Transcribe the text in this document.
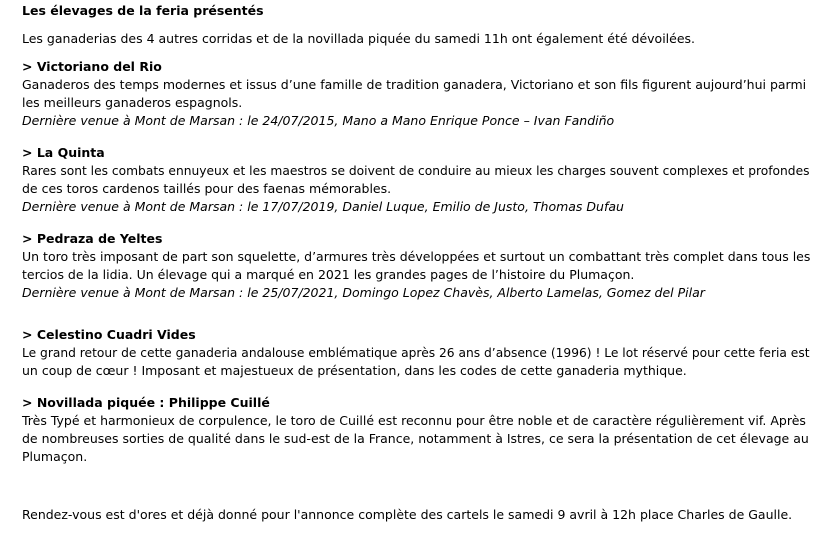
Les élevages de la feria présentés
Les ganaderias des 4 autres corridas et de la novillada piquée du samedi 11h ont également été dévoilées.
> Victoriano del Rio
Ganaderos des temps modernes et issus d’une famille de tradition ganadera, Victoriano et son fils figurent aujourd’hui parmi
les meilleurs ganaderos espagnols.
Dernière venue à Mont de Marsan : le 24/07/2015, Mano a Mano Enrique Ponce – Ivan Fandiño
> La Quinta
Rares sont les combats ennuyeux et les maestros se doivent de conduire au mieux les charges souvent complexes et profondes
de ces toros cardenos taillés pour des faenas mémorables.
Dernière venue à Mont de Marsan : le 17/07/2019, Daniel Luque, Emilio de Justo, Thomas Dufau
> Pedraza de Yeltes
Un toro très imposant de part son squelette, d’armures très développées et surtout un combattant très complet dans tous les
tercios de la lidia. Un élevage qui a marqué en 2021 les grandes pages de l’histoire du Plumaçon.
Dernière venue à Mont de Marsan : le 25/07/2021, Domingo Lopez Chavès, Alberto Lamelas, Gomez del Pilar
> Celestino Cuadri Vides
Le grand retour de cette ganaderia andalouse emblématique après 26 ans d’absence (1996) ! Le lot réservé pour cette feria est
un coup de cœur ! Imposant et majestueux de présentation, dans les codes de cette ganaderia mythique.
> Novillada piquée : Philippe Cuillé
Très Typé et harmonieux de corpulence, le toro de Cuillé est reconnu pour être noble et de caractère régulièrement vif. Après
de nombreuses sorties de qualité dans le sud-est de la France, notamment à Istres, ce sera la présentation de cet élevage au
Plumaçon.
Rendez-vous est d'ores et déjà donné pour l'annonce complète des cartels le samedi 9 avril à 12h place Charles de Gaulle.
